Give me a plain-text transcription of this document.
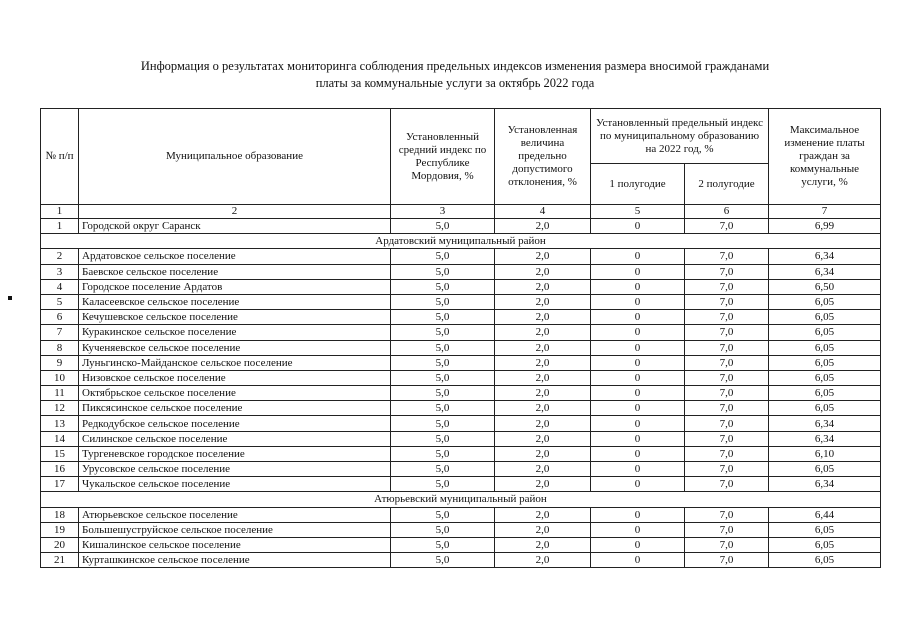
Информация о результатах мониторинга соблюдения предельных индексов изменения размера вносимой гражданами
платы за коммунальные услуги за октябрь 2022 года
№ п/п	Муниципальное образование	Установленный средний индекс по Республике Мордовия, %	Установленная величина предельно допустимого отклонения, %	Установленный предельный индекс по муниципальному образованию на 2022 год, %		Максимальное изменение платы граждан за коммунальные услуги, %
				1 полугодие	2 полугодие	
1	2	3	4	5	6	7
1	Городской округ Саранск	5,0	2,0	0	7,0	6,99
Ардатовский муниципальный район						
2	Ардатовское сельское поселение	5,0	2,0	0	7,0	6,34
3	Баевское сельское поселение	5,0	2,0	0	7,0	6,34
4	Городское поселение Ардатов	5,0	2,0	0	7,0	6,50
5	Каласеевское сельское поселение	5,0	2,0	0	7,0	6,05
6	Кечушевское сельское поселение	5,0	2,0	0	7,0	6,05
7	Куракинское сельское поселение	5,0	2,0	0	7,0	6,05
8	Кученяевское сельское поселение	5,0	2,0	0	7,0	6,05
9	Луньгинско-Майданское сельское поселение	5,0	2,0	0	7,0	6,05
10	Низовское сельское поселение	5,0	2,0	0	7,0	6,05
11	Октябрьское сельское поселение	5,0	2,0	0	7,0	6,05
12	Пиксясинское сельское поселение	5,0	2,0	0	7,0	6,05
13	Редкодубское сельское поселение	5,0	2,0	0	7,0	6,34
14	Силинское сельское поселение	5,0	2,0	0	7,0	6,34
15	Тургеневское городское поселение	5,0	2,0	0	7,0	6,10
16	Урусовское сельское поселение	5,0	2,0	0	7,0	6,05
17	Чукальское сельское поселение	5,0	2,0	0	7,0	6,34
Атюрьевский муниципальный район						
18	Атюрьевское сельское поселение	5,0	2,0	0	7,0	6,44
19	Большешуструйское сельское поселение	5,0	2,0	0	7,0	6,05
20	Кишалинское сельское поселение	5,0	2,0	0	7,0	6,05
21	Курташкинское сельское поселение	5,0	2,0	0	7,0	6,05
